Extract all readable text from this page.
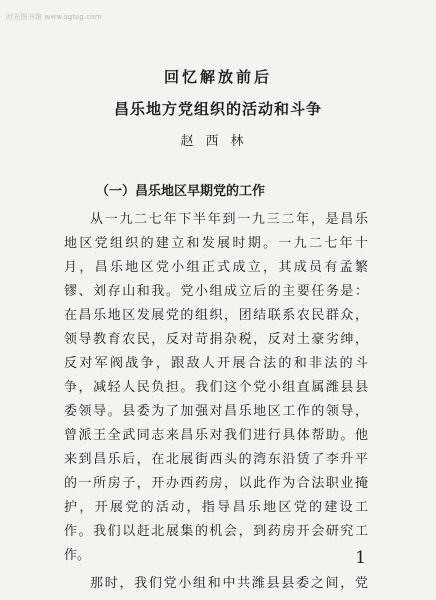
时光图书馆 www.sgtsg.com
回忆解放前后
昌乐地方党组织的活动和斗争
赵西林
（一）昌乐地区早期党的工作
从一九二七年下半年到一九三二年，是昌乐
地区党组织的建立和发展时期。一九二七年十
月，昌乐地区党小组正式成立，其成员有孟繁
镠、刘存山和我。党小组成立后的主要任务是：
在昌乐地区发展党的组织，团结联系农民群众，
领导教育农民，反对苛捐杂税，反对土豪劣绅，
反对军阀战争，跟敌人开展合法的和非法的斗
争，减轻人民负担。我们这个党小组直属潍县县
委领导。县委为了加强对昌乐地区工作的领导，
曾派王全武同志来昌乐对我们进行具体帮助。他
来到昌乐后，在北展街西头的湾东沿赁了李升平
的一所房子，开办西药房，以此作为合法职业掩
护，开展党的活动，指导昌乐地区党的建设工
作。我们以赶北展集的机会，到药房开会研究工
作。
那时，我们党小组和中共潍县县委之间，党
1
